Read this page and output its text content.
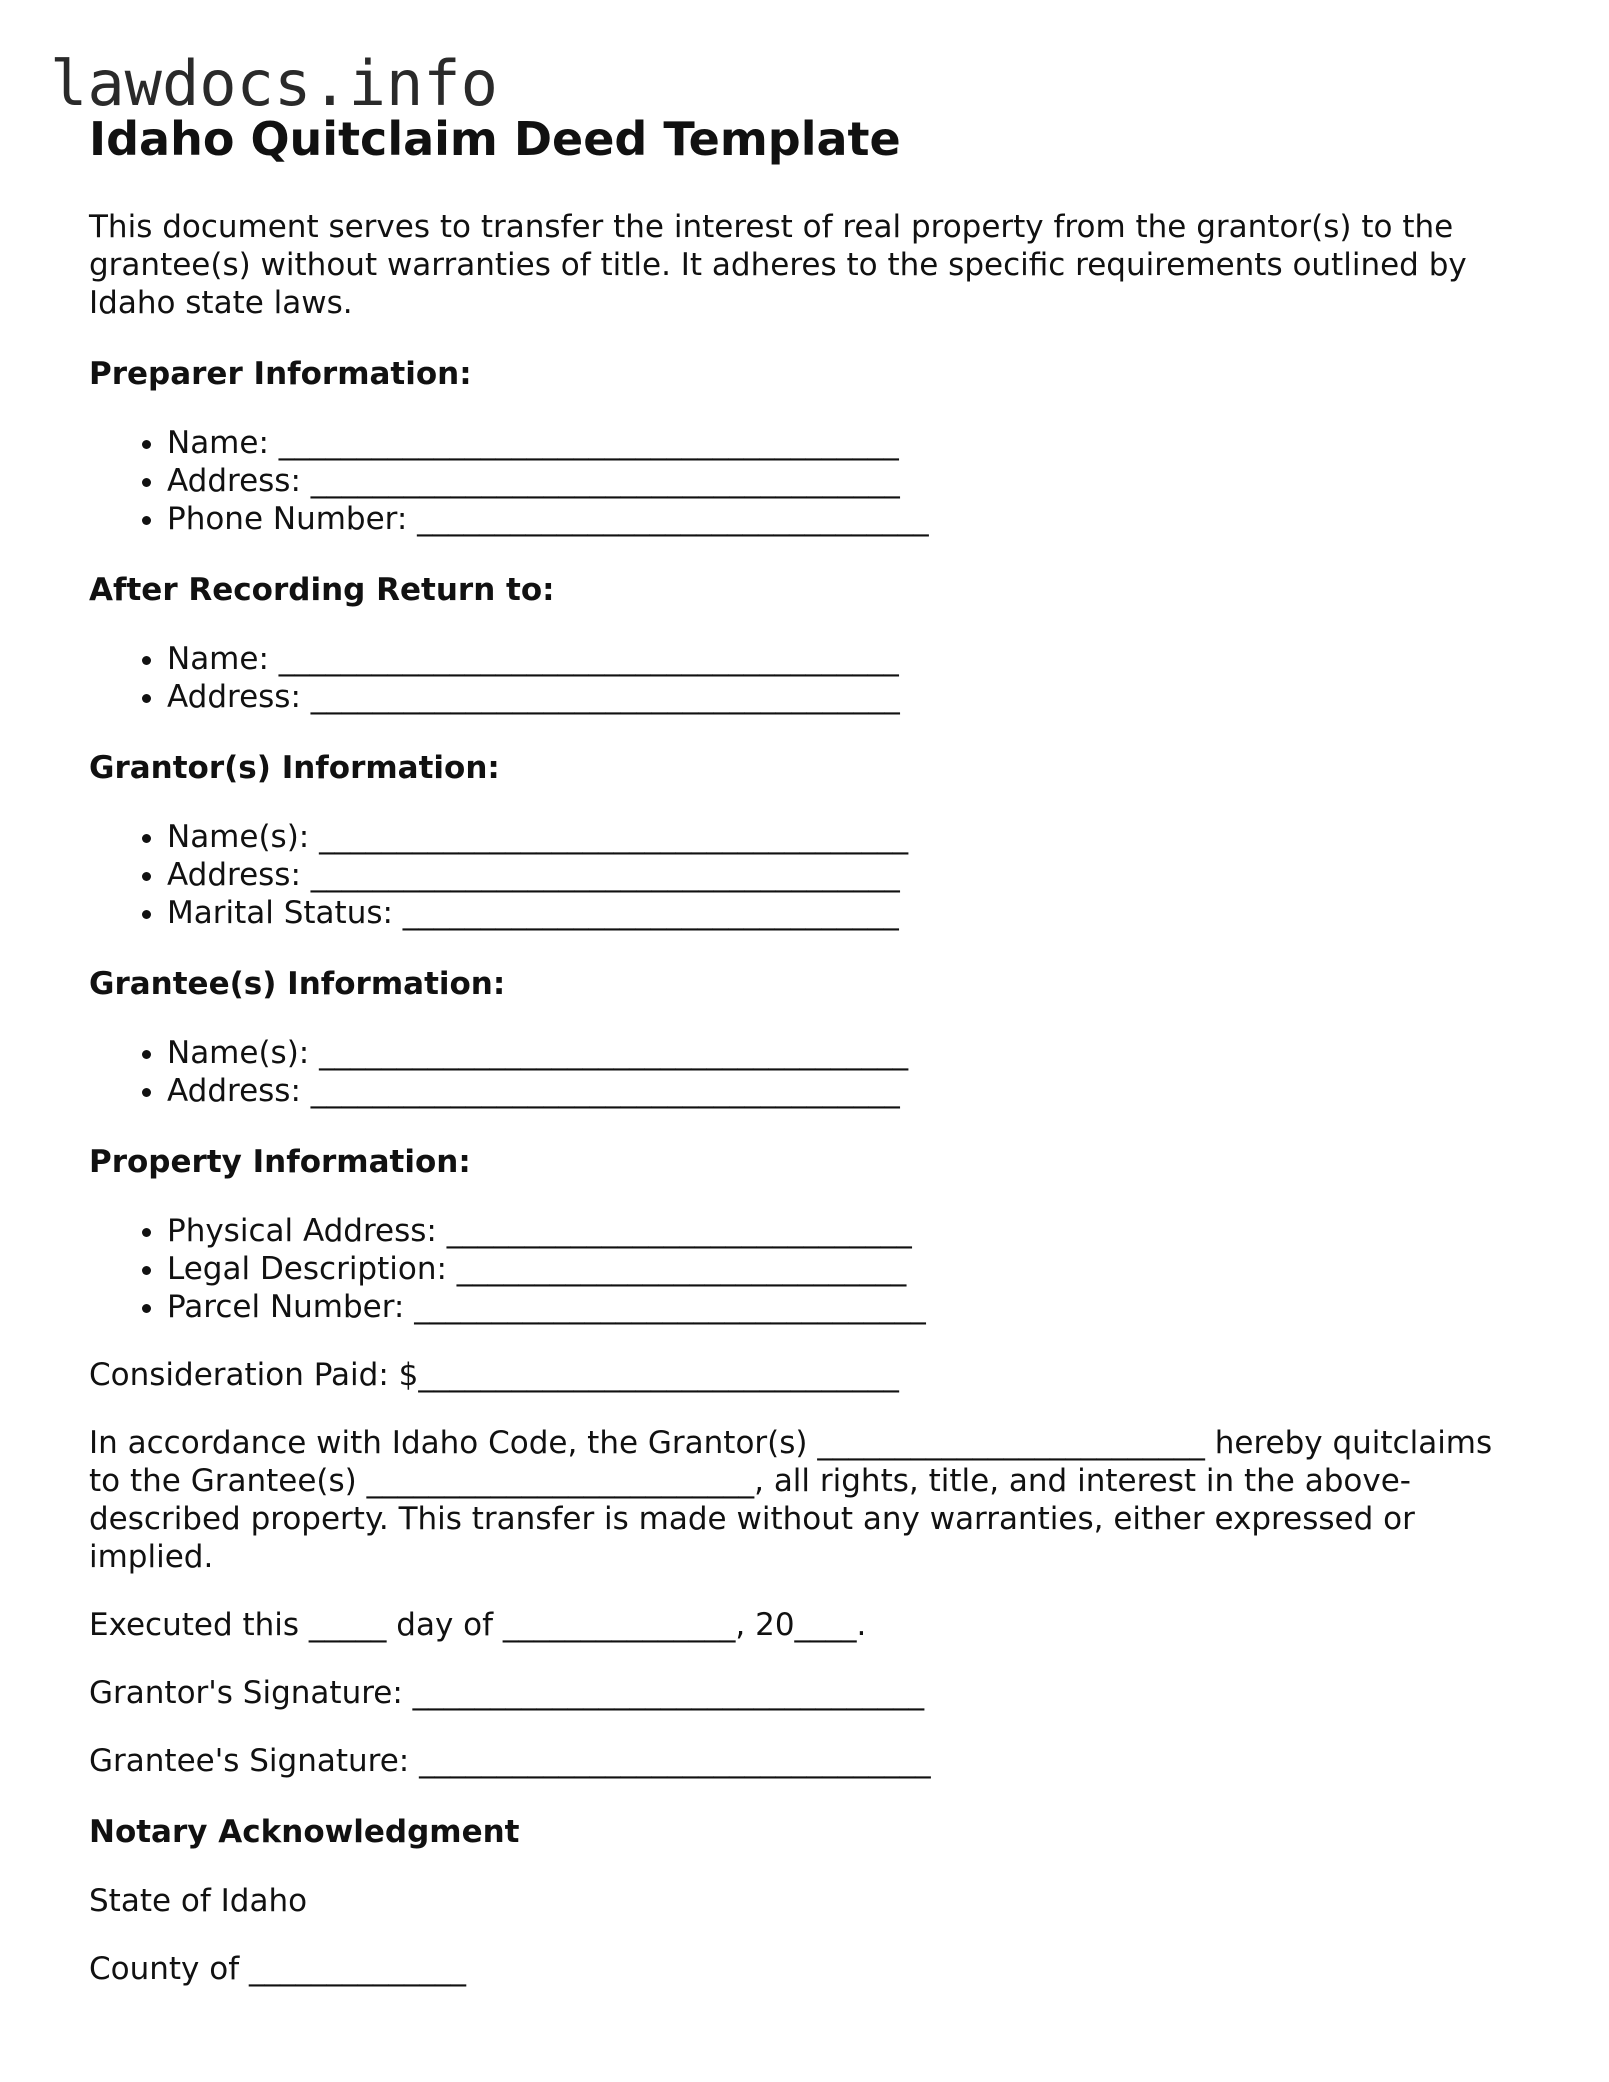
lawdocs.info
Idaho Quitclaim Deed Template
This document serves to transfer the interest of real property from the grantor(s) to the grantee(s) without warranties of title. It adheres to the specific requirements outlined by Idaho state laws.
Preparer Information:
• Name: ________________________________________
• Address: ______________________________________
• Phone Number: _________________________________
After Recording Return to:
• Name: ________________________________________
• Address: ______________________________________
Grantor(s) Information:
• Name(s): ______________________________________
• Address: ______________________________________
• Marital Status: ________________________________
Grantee(s) Information:
• Name(s): ______________________________________
• Address: ______________________________________
Property Information:
• Physical Address: ______________________________
• Legal Description: _____________________________
• Parcel Number: _________________________________

Consideration Paid: $_______________________________

In accordance with Idaho Code, the Grantor(s) _________________________ hereby quitclaims to the Grantee(s) _________________________, all rights, title, and interest in the above-described property. This transfer is made without any warranties, either expressed or implied.

Executed this _____ day of _______________, 20____.

Grantor's Signature: _________________________________

Grantee's Signature: _________________________________

Notary Acknowledgment

State of Idaho

County of ______________
